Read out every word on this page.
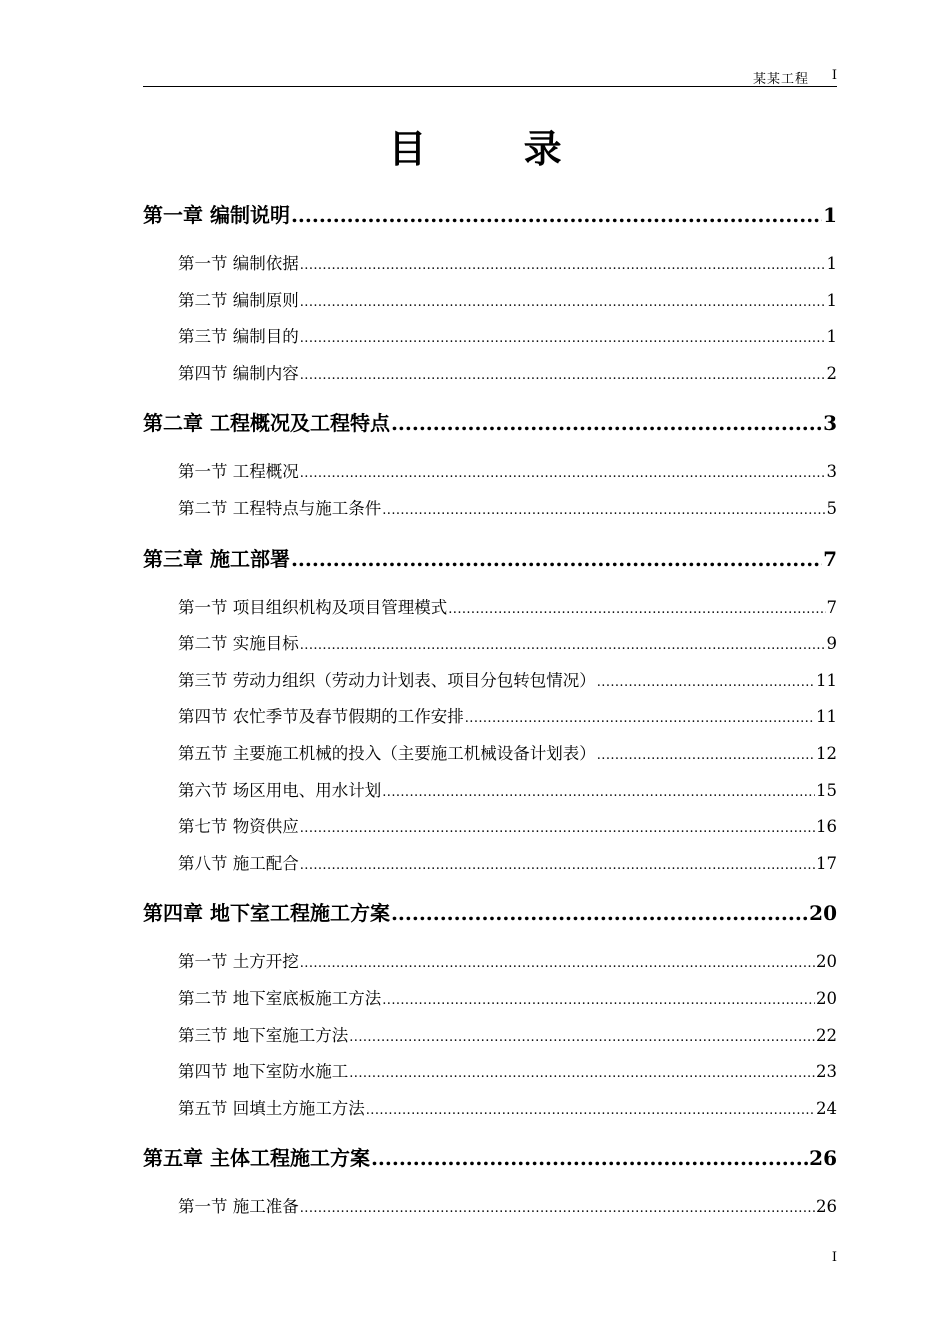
某某工程 I
目 录
第一章 编制说明 .....	1
第一节 编制依据 .....	1
第二节 编制原则 .....	1
第三节 编制目的 .....	1
第四节 编制内容 .....	2
第二章 工程概况及工程特点 .....	3
第一节 工程概况 .....	3
第二节 工程特点与施工条件 .....	5
第三章 施工部署 .....	7
第一节 项目组织机构及项目管理模式 .....	7
第二节 实施目标 .....	9
第三节 劳动力组织（劳动力计划表、项目分包转包情况） .....	11
第四节 农忙季节及春节假期的工作安排 .....	11
第五节 主要施工机械的投入（主要施工机械设备计划表） .....	12
第六节 场区用电、用水计划 .....	15
第七节 物资供应 .....	16
第八节 施工配合 .....	17
第四章 地下室工程施工方案 .....	20
第一节 土方开挖 .....	20
第二节 地下室底板施工方法 .....	20
第三节 地下室施工方法 .....	22
第四节 地下室防水施工 .....	23
第五节 回填土方施工方法 .....	24
第五章 主体工程施工方案 .....	26
第一节 施工准备 .....	26
I
